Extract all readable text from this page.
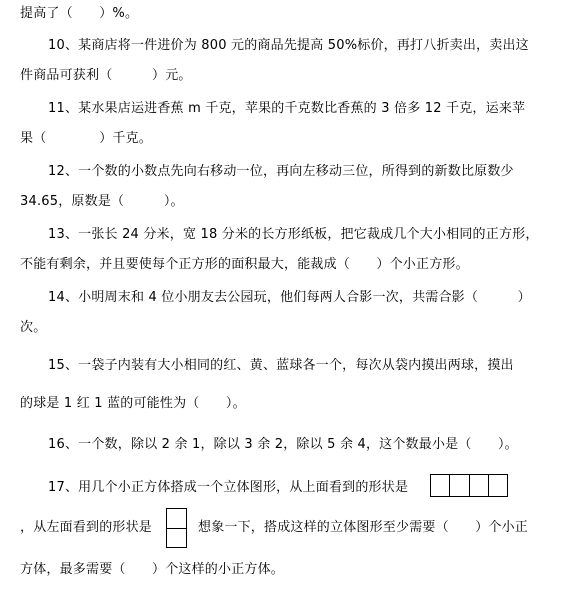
提高了（　　）%。
10、某商店将一件进价为 800 元的商品先提高 50%标价，再打八折卖出，卖出这
件商品可获利（　　　）元。
11、某水果店运进香蕉 m 千克，苹果的千克数比香蕉的 3 倍多 12 千克，运来苹
果（　　　　）千克。
12、一个数的小数点先向右移动一位，再向左移动三位，所得到的新数比原数少
34.65，原数是（　　　）。
13、一张长 24 分米，宽 18 分米的长方形纸板，把它裁成几个大小相同的正方形，
不能有剩余，并且要使每个正方形的面积最大，能裁成（　　）个小正方形。
14、小明周末和 4 位小朋友去公园玩，他们每两人合影一次，共需合影（　　　）
次。
15、一袋子内装有大小相同的红、黄、蓝球各一个，每次从袋内摸出两球，摸出
的球是 1 红 1 蓝的可能性为（　　）。
16、一个数，除以 2 余 1，除以 3 余 2，除以 5 余 4，这个数最小是（　　）。
17、用几个小正方体搭成一个立体图形，从上面看到的形状是
，从左面看到的形状是	想象一下，搭成这样的立体图形至少需要（　　）个小正
方体，最多需要（　　）个这样的小正方体。
